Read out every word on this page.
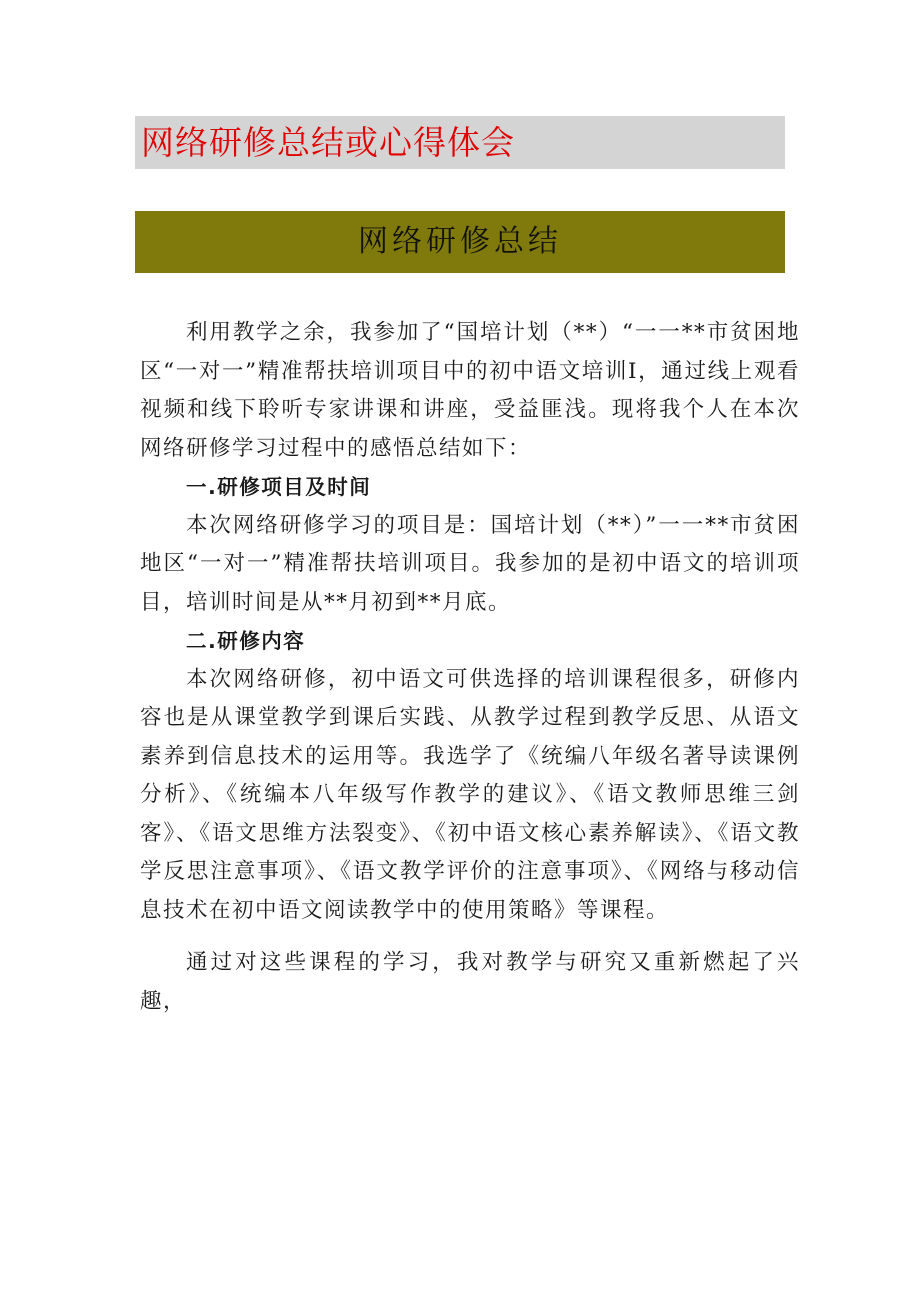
网络研修总结或心得体会
网络研修总结

利用教学之余，我参加了“国培计划（**）“一一**市贫困地区“一对一”精准帮扶培训项目中的初中语文培训I，通过线上观看视频和线下聆听专家讲课和讲座，受益匪浅。现将我个人在本次网络研修学习过程中的感悟总结如下：

一.研修项目及时间

本次网络研修学习的项目是：国培计划（**）”一一**市贫困地区“一对一”精准帮扶培训项目。我参加的是初中语文的培训项目，培训时间是从**月初到**月底。

二.研修内容

本次网络研修，初中语文可供选择的培训课程很多，研修内容也是从课堂教学到课后实践、从教学过程到教学反思、从语文素养到信息技术的运用等。我选学了《统编八年级名著导读课例分析》、《统编本八年级写作教学的建议》、《语文教师思维三剑客》、《语文思维方法裂变》、《初中语文核心素养解读》、《语文教学反思注意事项》、《语文教学评价的注意事项》、《网络与移动信息技术在初中语文阅读教学中的使用策略》等课程。

通过对这些课程的学习，我对教学与研究又重新燃起了兴趣，
